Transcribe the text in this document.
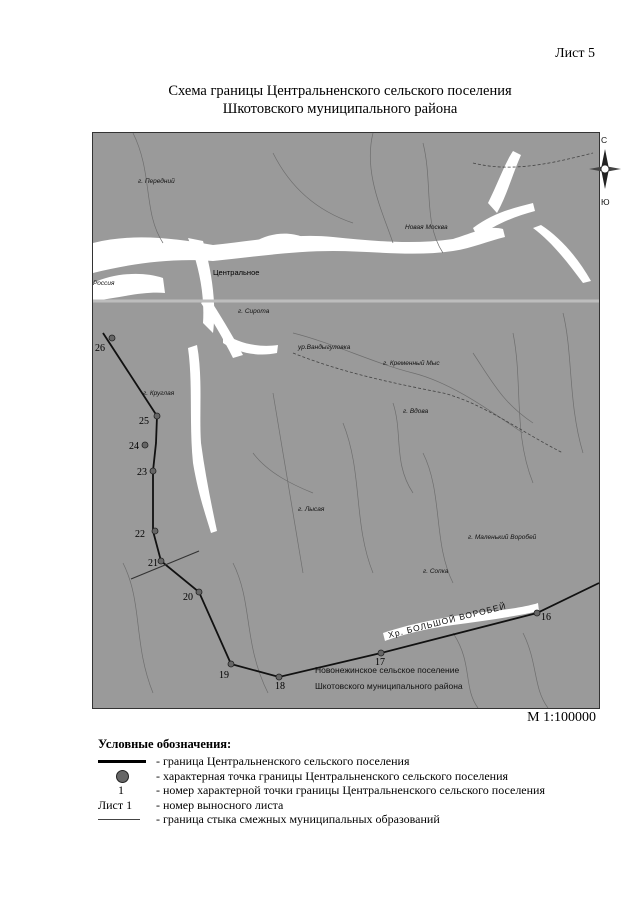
Лист 5
Схема границы Центральненского сельского поселения
Шкотовского муниципального района
26
25
24
23
22
21
20
19
18
17
16
Центральное
г. Сирота
ур.Вандыгуловка
г. Кременный Мыс
г. Вдова
г. Круглая
г. Лысая
г. Сопка
г. Маленький Воробей
Новая Москва
Россия
г. Передний
Хр. БОЛЬШОЙ ВОРОБЕЙ
Новонежинское сельское поселение
Шкотовского муниципального района
С
Ю
М 1:100000
Условные обозначения:
- граница Центральненского сельского поселения
- характерная точка границы Центральненского сельского поселения
1	- номер характерной точки границы Центральненского сельского поселения
Лист 1 - номер выносного листа
- граница стыка смежных муниципальных образований
